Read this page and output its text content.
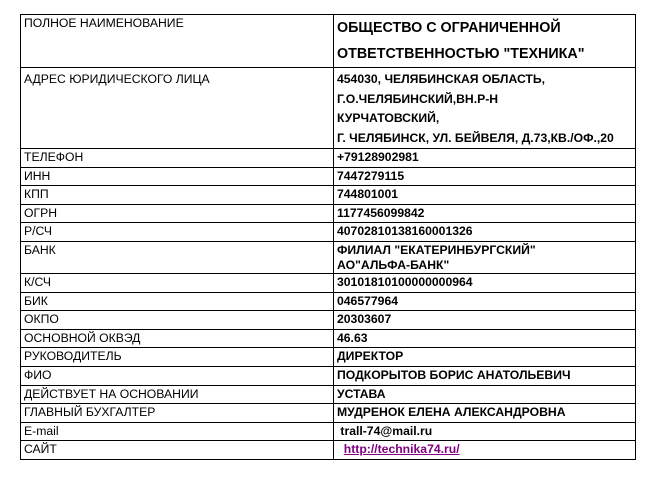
ПОЛНОЕ НАИМЕНОВАНИЕ	ОБЩЕСТВО С ОГРАНИЧЕННОЙ
ОТВЕТСТВЕННОСТЬЮ "ТЕХНИКА"

АДРЕС ЮРИДИЧЕСКОГО ЛИЦА	454030, ЧЕЛЯБИНСКАЯ ОБЛАСТЬ,
Г.О.ЧЕЛЯБИНСКИЙ,ВН.Р-Н
КУРЧАТОВСКИЙ,
Г. ЧЕЛЯБИНСК, УЛ. БЕЙВЕЛЯ, Д.73,КВ./ОФ.,20

ТЕЛЕФОН	+79128902981
ИНН	7447279115
КПП	744801001
ОГРН	1177456099842
Р/СЧ	40702810138160001326
БАНК	ФИЛИАЛ "ЕКАТЕРИНБУРГСКИЙ"
АО"АЛЬФА-БАНК"

К/СЧ	30101810100000000964
БИК	046577964
ОКПО	20303607
ОСНОВНОЙ ОКВЭД	46.63
РУКОВОДИТЕЛЬ	ДИРЕКТОР
ФИО	ПОДКОРЫТОВ БОРИС АНАТОЛЬЕВИЧ
ДЕЙСТВУЕТ НА ОСНОВАНИИ	УСТАВА
ГЛАВНЫЙ БУХГАЛТЕР	МУДРЕНОК ЕЛЕНА АЛЕКСАНДРОВНА
E-mail	trall-74@mail.ru
САЙТ	http://technika74.ru/
